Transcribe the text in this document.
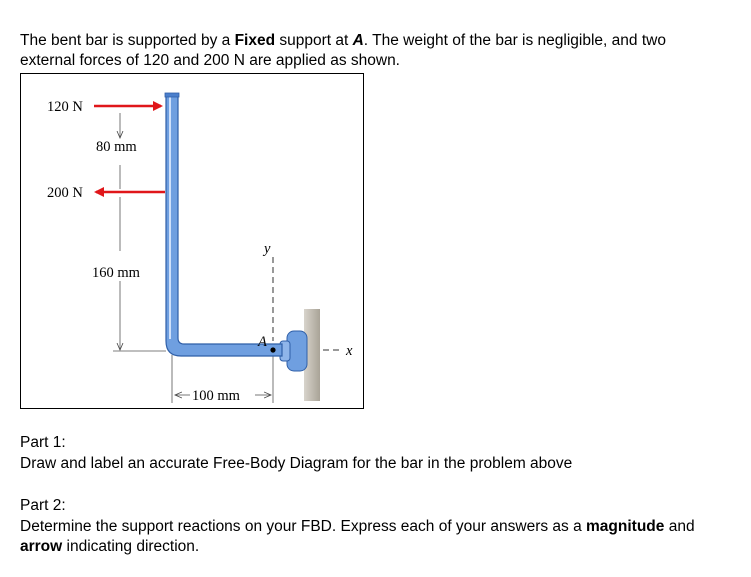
The bent bar is supported by a Fixed support at A. The weight of the bar is negligible, and two external forces of 120 and 200 N are applied as shown.

120 N
200 N
80 mm
160 mm
100 mm
y
x
A

Part 1:

Draw and label an accurate Free-Body Diagram for the bar in the problem above

Part 2:

Determine the support reactions on your FBD. Express each of your answers as a magnitude and arrow indicating direction.
